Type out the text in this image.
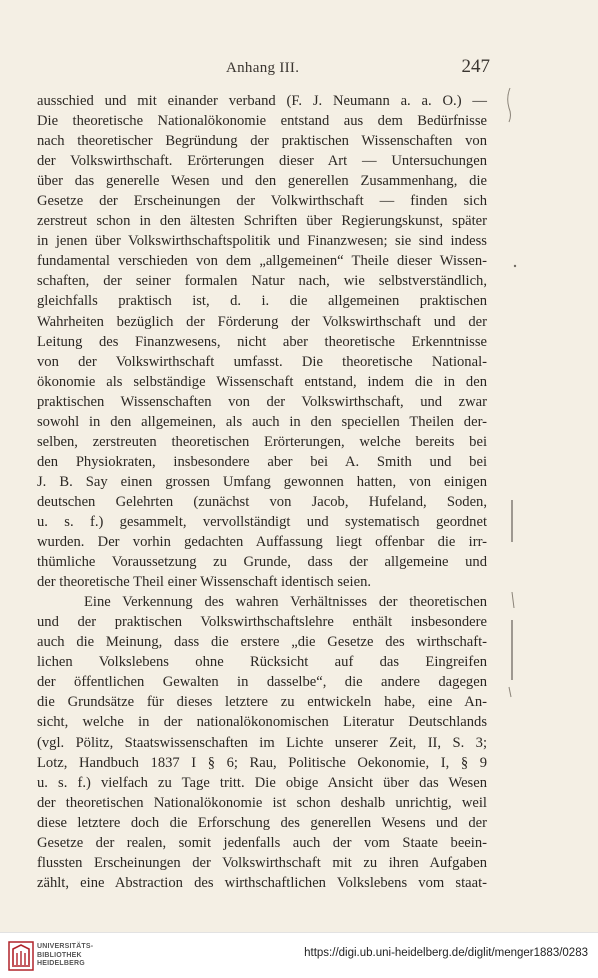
Anhang III.	247
ausschied und mit einander verband (F. J. Neumann a. a. O.) —
Die theoretische Nationalökonomie entstand aus dem Bedürfnisse
nach theoretischer Begründung der praktischen Wissenschaften von
der Volkswirthschaft. Erörterungen dieser Art — Untersuchungen
über das generelle Wesen und den generellen Zusammenhang, die
Gesetze der Erscheinungen der Volkwirthschaft — finden sich
zerstreut schon in den ältesten Schriften über Regierungskunst, später
in jenen über Volkswirthschaftspolitik und Finanzwesen; sie sind indess
fundamental verschieden von dem „allgemeinen“ Theile dieser Wissen-
schaften, der seiner formalen Natur nach, wie selbstverständlich,
gleichfalls praktisch ist, d. i. die allgemeinen praktischen
Wahrheiten bezüglich der Förderung der Volkswirthschaft und der
Leitung des Finanzwesens, nicht aber theoretische Erkenntnisse
von der Volkswirthschaft umfasst. Die theoretische National-
ökonomie als selbständige Wissenschaft entstand, indem die in den
praktischen Wissenschaften von der Volkswirthschaft, und zwar
sowohl in den allgemeinen, als auch in den speciellen Theilen der-
selben, zerstreuten theoretischen Erörterungen, welche bereits bei
den Physiokraten, insbesondere aber bei A. Smith und bei
J. B. Say einen grossen Umfang gewonnen hatten, von einigen
deutschen Gelehrten (zunächst von Jacob, Hufeland, Soden,
u. s. f.) gesammelt, vervollständigt und systematisch geordnet
wurden. Der vorhin gedachten Auffassung liegt offenbar die irr-
thümliche Voraussetzung zu Grunde, dass der allgemeine und
der theoretische Theil einer Wissenschaft identisch seien.
Eine Verkennung des wahren Verhältnisses der theoretischen
und der praktischen Volkswirthschaftslehre enthält insbesondere
auch die Meinung, dass die erstere „die Gesetze des wirthschaft-
lichen Volkslebens ohne Rücksicht auf das Eingreifen
der öffentlichen Gewalten in dasselbe“, die andere dagegen
die Grundsätze für dieses letztere zu entwickeln habe, eine An-
sicht, welche in der nationalökonomischen Literatur Deutschlands
(vgl. Pölitz, Staatswissenschaften im Lichte unserer Zeit, II, S. 3;
Lotz, Handbuch 1837 I § 6; Rau, Politische Oekonomie, I, § 9
u. s. f.) vielfach zu Tage tritt. Die obige Ansicht über das Wesen
der theoretischen Nationalökonomie ist schon deshalb unrichtig, weil
diese letztere doch die Erforschung des generellen Wesens und der
Gesetze der realen, somit jedenfalls auch der vom Staate beein-
flussten Erscheinungen der Volkswirthschaft mit zu ihren Aufgaben
zählt, eine Abstraction des wirthschaftlichen Volkslebens vom staat-
UNIVERSITÄTS-
BIBLIOTHEK
HEIDELBERG
https://digi.ub.uni-heidelberg.de/diglit/menger1883/0283
